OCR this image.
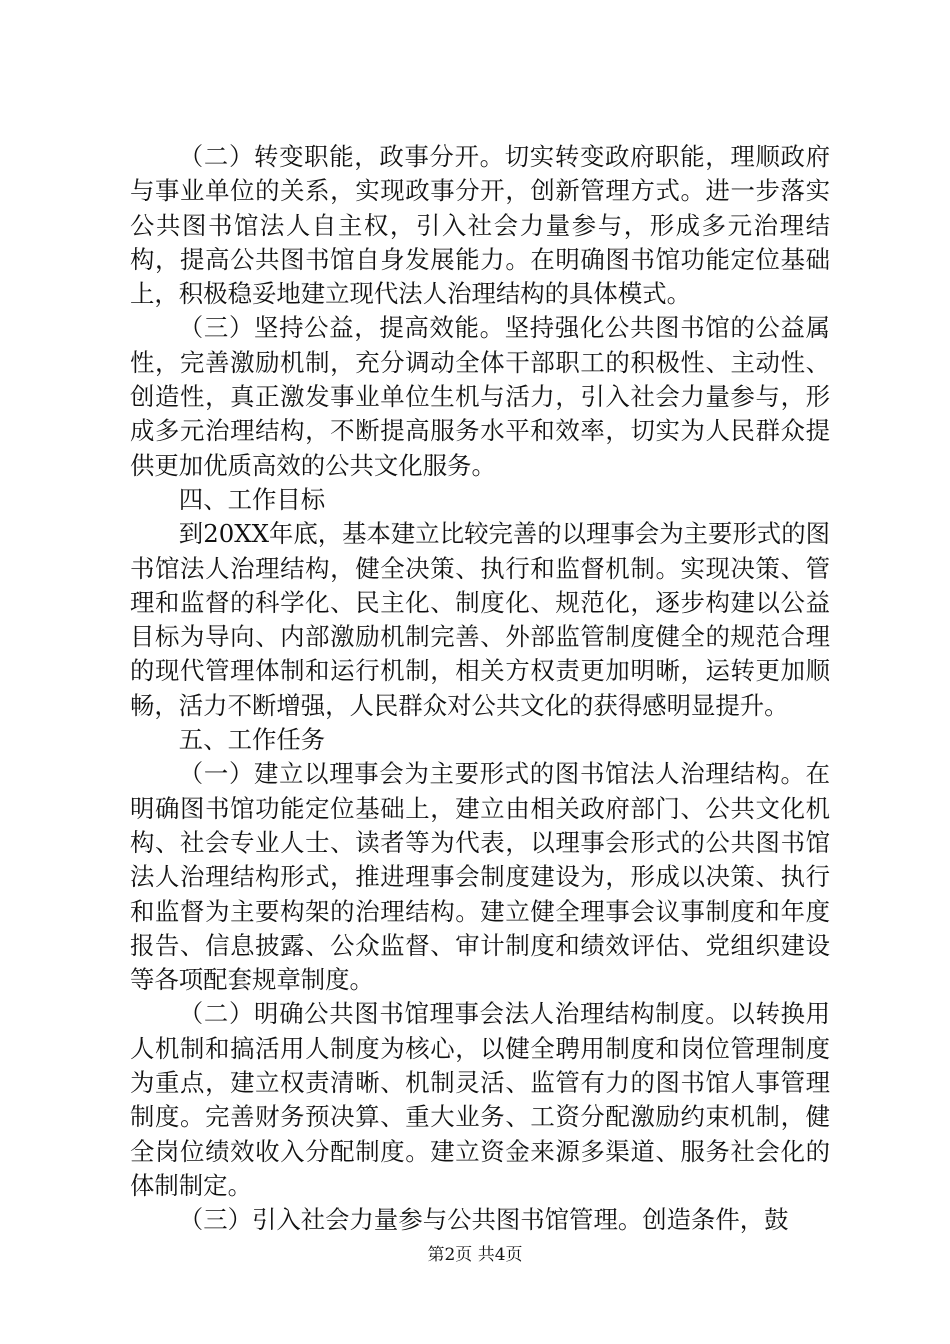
（二）转变职能，政事分开。切实转变政府职能，理顺政府与事业单位的关系，实现政事分开，创新管理方式。进一步落实公共图书馆法人自主权，引入社会力量参与，形成多元治理结构，提高公共图书馆自身发展能力。在明确图书馆功能定位基础上，积极稳妥地建立现代法人治理结构的具体模式。

（三）坚持公益，提高效能。坚持强化公共图书馆的公益属性，完善激励机制，充分调动全体干部职工的积极性、主动性、创造性，真正激发事业单位生机与活力，引入社会力量参与，形成多元治理结构，不断提高服务水平和效率，切实为人民群众提供更加优质高效的公共文化服务。

四、工作目标

到20XX年底，基本建立比较完善的以理事会为主要形式的图书馆法人治理结构，健全决策、执行和监督机制。实现决策、管理和监督的科学化、民主化、制度化、规范化，逐步构建以公益目标为导向、内部激励机制完善、外部监管制度健全的规范合理的现代管理体制和运行机制，相关方权责更加明晰，运转更加顺畅，活力不断增强，人民群众对公共文化的获得感明显提升。

五、工作任务

（一）建立以理事会为主要形式的图书馆法人治理结构。在明确图书馆功能定位基础上，建立由相关政府部门、公共文化机构、社会专业人士、读者等为代表，以理事会形式的公共图书馆法人治理结构形式，推进理事会制度建设为，形成以决策、执行和监督为主要构架的治理结构。建立健全理事会议事制度和年度报告、信息披露、公众监督、审计制度和绩效评估、党组织建设等各项配套规章制度。

（二）明确公共图书馆理事会法人治理结构制度。以转换用人机制和搞活用人制度为核心，以健全聘用制度和岗位管理制度为重点，建立权责清晰、机制灵活、监管有力的图书馆人事管理制度。完善财务预决算、重大业务、工资分配激励约束机制，健全岗位绩效收入分配制度。建立资金来源多渠道、服务社会化的体制制定。

（三）引入社会力量参与公共图书馆管理。创造条件，鼓

第2页 共4页
